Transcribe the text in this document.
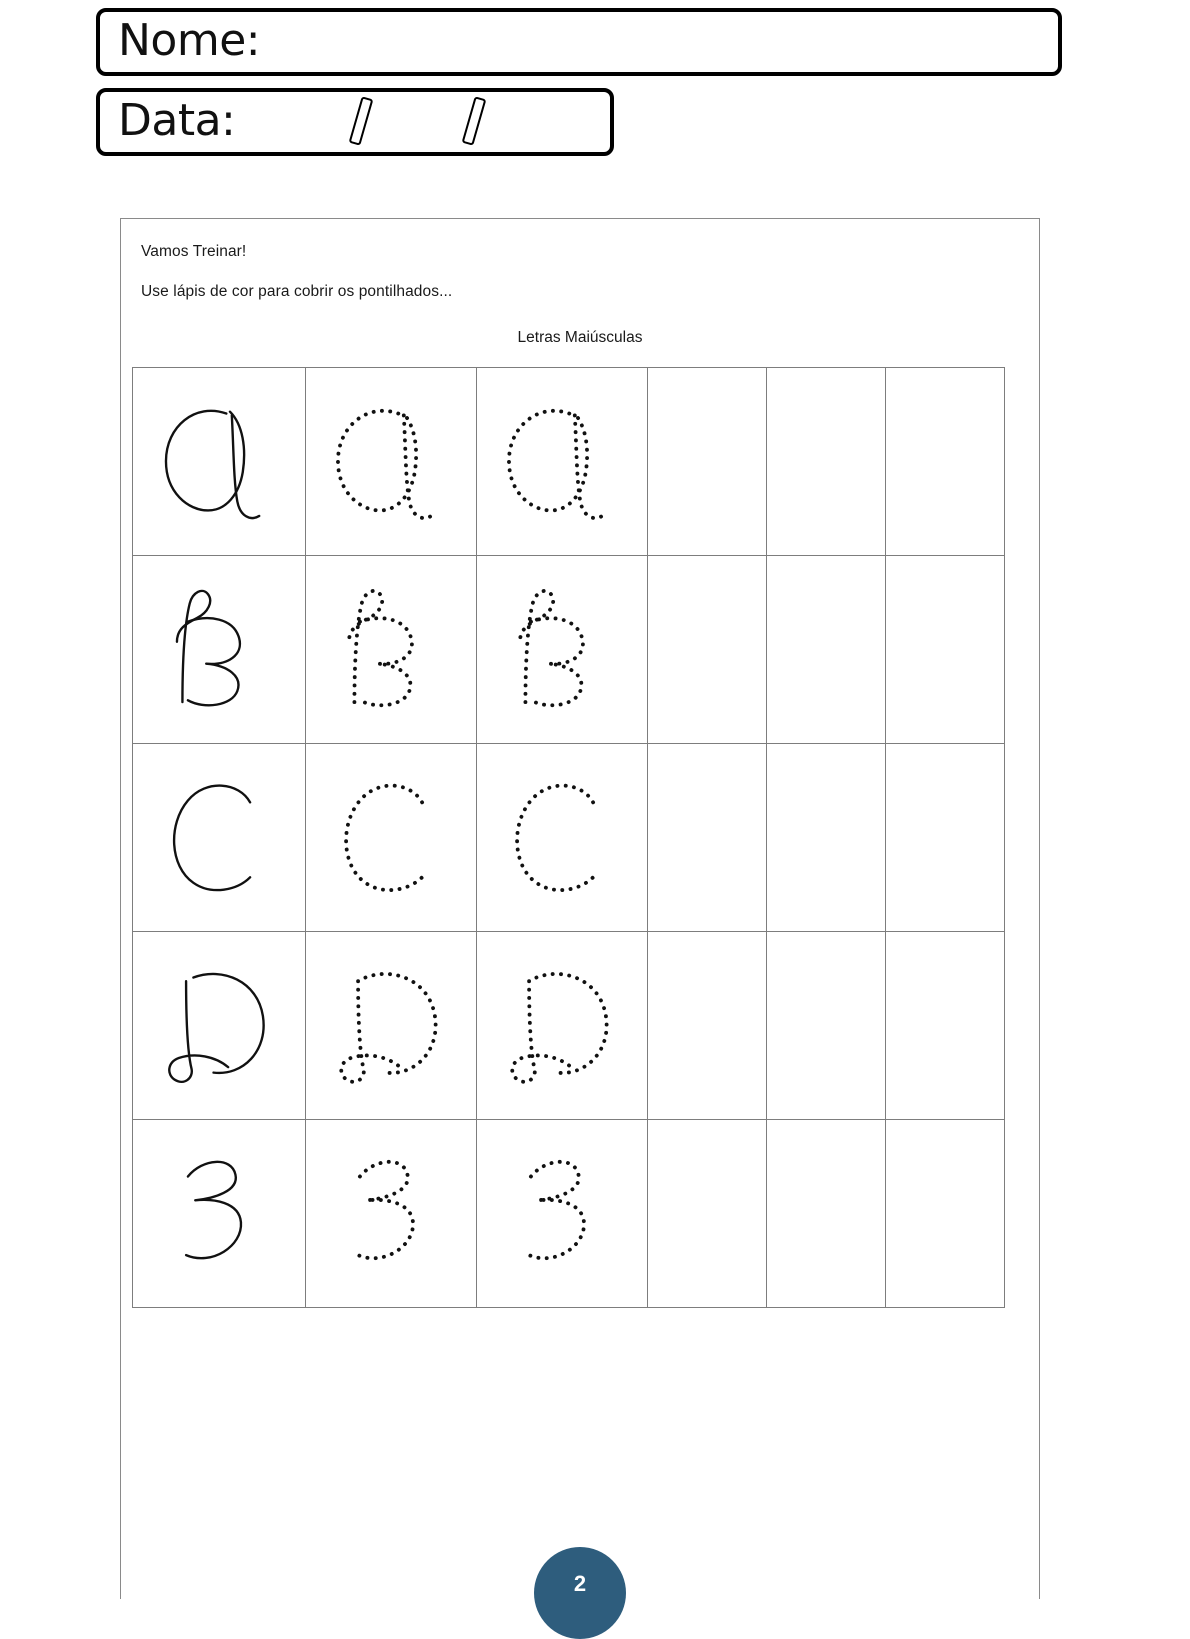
Nome:
Data:
Vamos Treinar!
Use lápis de cor para cobrir os pontilhados...
Letras Maiúsculas

2
